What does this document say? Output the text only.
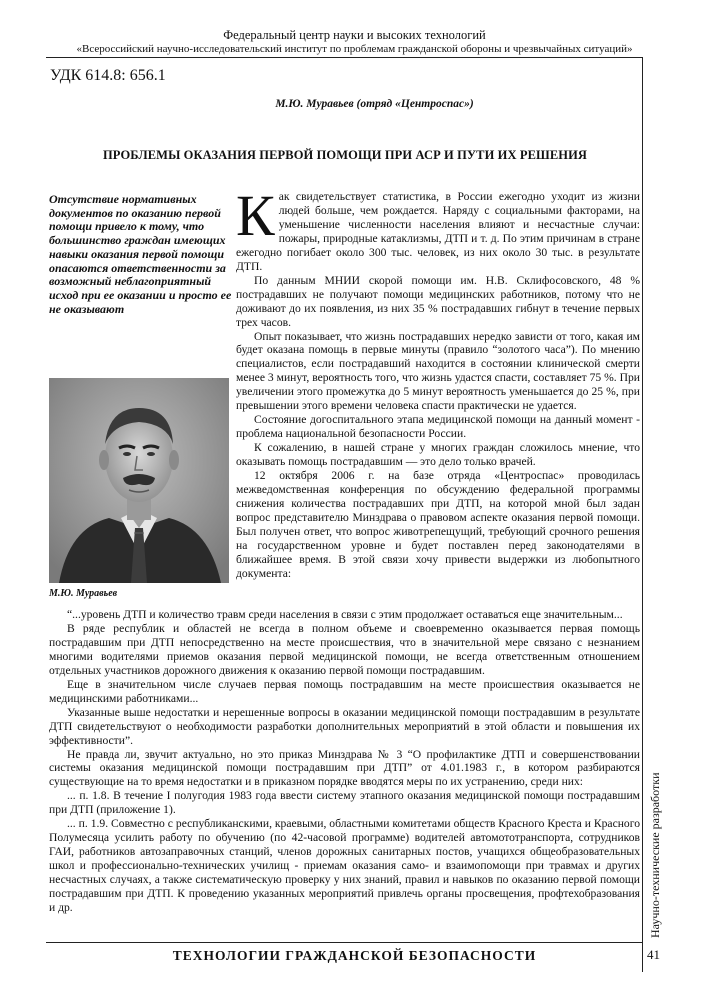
Федеральный центр науки и высоких технологий
«Всероссийский научно-исследовательский институт по проблемам гражданской обороны и чрезвычайных ситуаций»
УДК 614.8: 656.1
М.Ю. Муравьев (отряд «Центроспас»)
ПРОБЛЕМЫ ОКАЗАНИЯ ПЕРВОЙ ПОМОЩИ ПРИ АСР И ПУТИ ИХ РЕШЕНИЯ
Отсутствие нормативных документов по оказанию первой помощи привело к тому, что большинство граждан имеющих навыки оказания первой помощи опасаются ответственности за возможный неблагоприятный исход при ее оказании и просто ее не оказывают
М.Ю. Муравьев

Как свидетельствует статистика, в России ежегодно уходит из жизни людей больше, чем рождается. Наряду с социальными факторами, на уменьшение численности населения влияют и несчастные случаи: пожары, природные катаклизмы, ДТП и т. д. По этим причинам в стране ежегодно погибает около 300 тыс. человек, из них около 30 тыс. в результате ДТП.

По данным МНИИ скорой помощи им. Н.В. Склифосовского, 48 % пострадавших не получают помощи медицинских работников, потому что не доживают до их появления, из них 35 % пострадавших гибнут в течение первых трех часов.

Опыт показывает, что жизнь пострадавших нередко зависти от того, какая им будет оказана помощь в первые минуты (правило “золотого часа”). По мнению специалистов, если пострадавший находится в состоянии клинической смерти менее 3 минут, вероятность того, что жизнь удастся спасти, составляет 75 %. При увеличении этого промежутка до 5 минут вероятность уменьшается до 25 %, при превышении этого времени человека спасти практически не удается.

Состояние догоспитального этапа медицинской помощи на данный момент - проблема национальной безопасности России.

К сожалению, в нашей стране у многих граждан сложилось мнение, что оказывать помощь пострадавшим — это дело только врачей.

12 октября 2006 г. на базе отряда «Центроспас» проводилась межведомственная конференция по обсуждению федеральной программы снижения количества пострадавших при ДТП, на которой мной был задан вопрос представителю Минздрава о правовом аспекте оказания первой помощи. Был получен ответ, что вопрос животрепещущий, требующий срочного решения на государственном уровне и будет поставлен перед законодателями в ближайшее время. В этой связи хочу привести выдержки из любопытного документа:

“...уровень ДТП и количество травм среди населения в связи с этим продолжает оставаться еще значительным...

В ряде республик и областей не всегда в полном объеме и своевременно оказывается первая помощь пострадавшим при ДТП непосредственно на месте происшествия, что в значительной мере связано с незнанием многими водителями приемов оказания первой медицинской помощи, не всегда ответственным отношением отдельных участников дорожного движения к оказанию первой помощи пострадавшим.

Еще в значительном числе случаев первая помощь пострадавшим на месте происшествия оказывается не медицинскими работниками...

Указанные выше недостатки и нерешенные вопросы в оказании медицинской помощи пострадавшим в результате ДТП свидетельствуют о необходимости разработки дополнительных мероприятий в этой области и повышения их эффективности”.

Не правда ли, звучит актуально, но это приказ Минздрава № 3 “О профилактике ДТП и совершенствовании системы оказания медицинской помощи пострадавшим при ДТП” от 4.01.1983 г., в котором разбираются существующие на то время недостатки и в приказном порядке вводятся меры по их устранению, среди них:

... п. 1.8. В течение I полугодия 1983 года ввести систему этапного оказания медицинской помощи пострадавшим при ДТП (приложение 1).

... п. 1.9. Совместно с республиканскими, краевыми, областными комитетами обществ Красного Креста и Красного Полумесяца усилить работу по обучению (по 42-часовой программе) водителей автомототранспорта, сотрудников ГАИ, работников автозаправочных станций, членов дорожных санитарных постов, учащихся общеобразовательных школ и профессионально-технических училищ - приемам оказания само- и взаимопомощи при травмах и других несчастных случаях, а также систематическую проверку у них знаний, правил и навыков по оказанию первой помощи пострадавшим при ДТП. К проведению указанных мероприятий привлечь органы просвещения, профтехобразования и др.

ТЕХНОЛОГИИ ГРАЖДАНСКОЙ БЕЗОПАСНОСТИ	41
Научно-технические разработки
